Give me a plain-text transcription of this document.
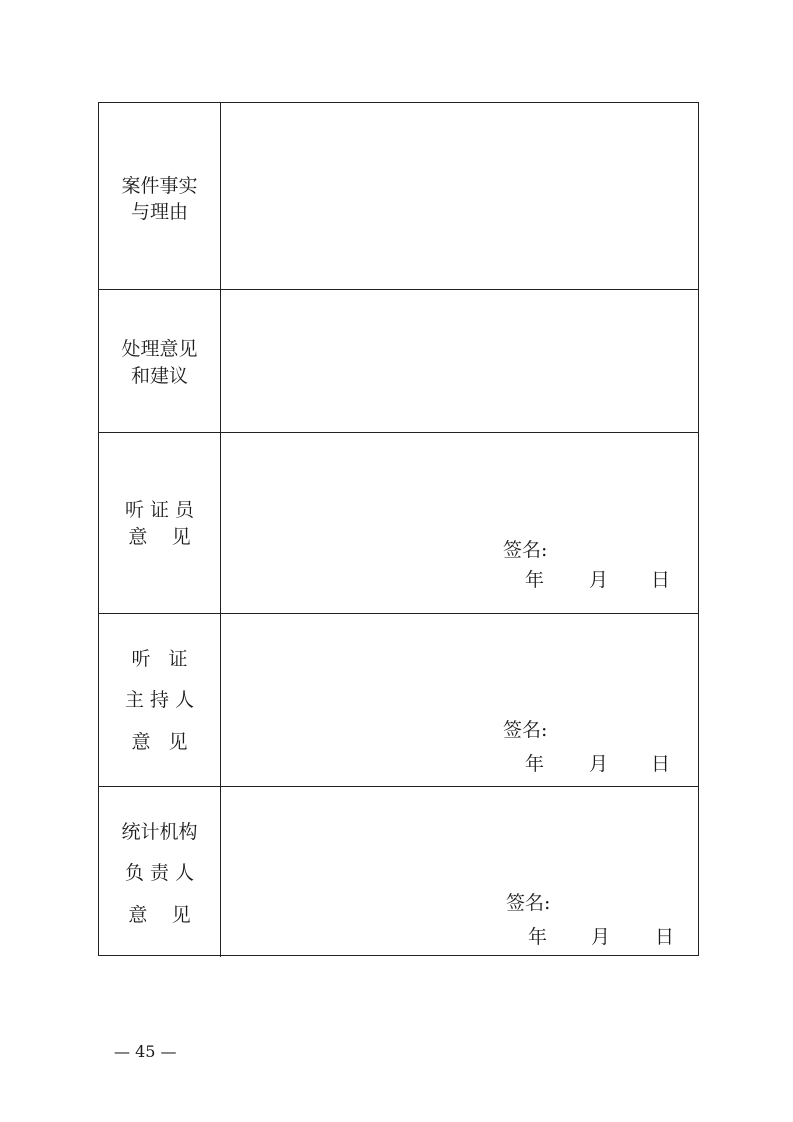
案件事实
与理由
处理意见
和建议
听 证 员
意    见
签名:
年 月 日
听   证
主 持 人
意   见
签名:
年 月 日
统计机构
负 责 人
意    见
签名:
年 月 日
— 45 —
